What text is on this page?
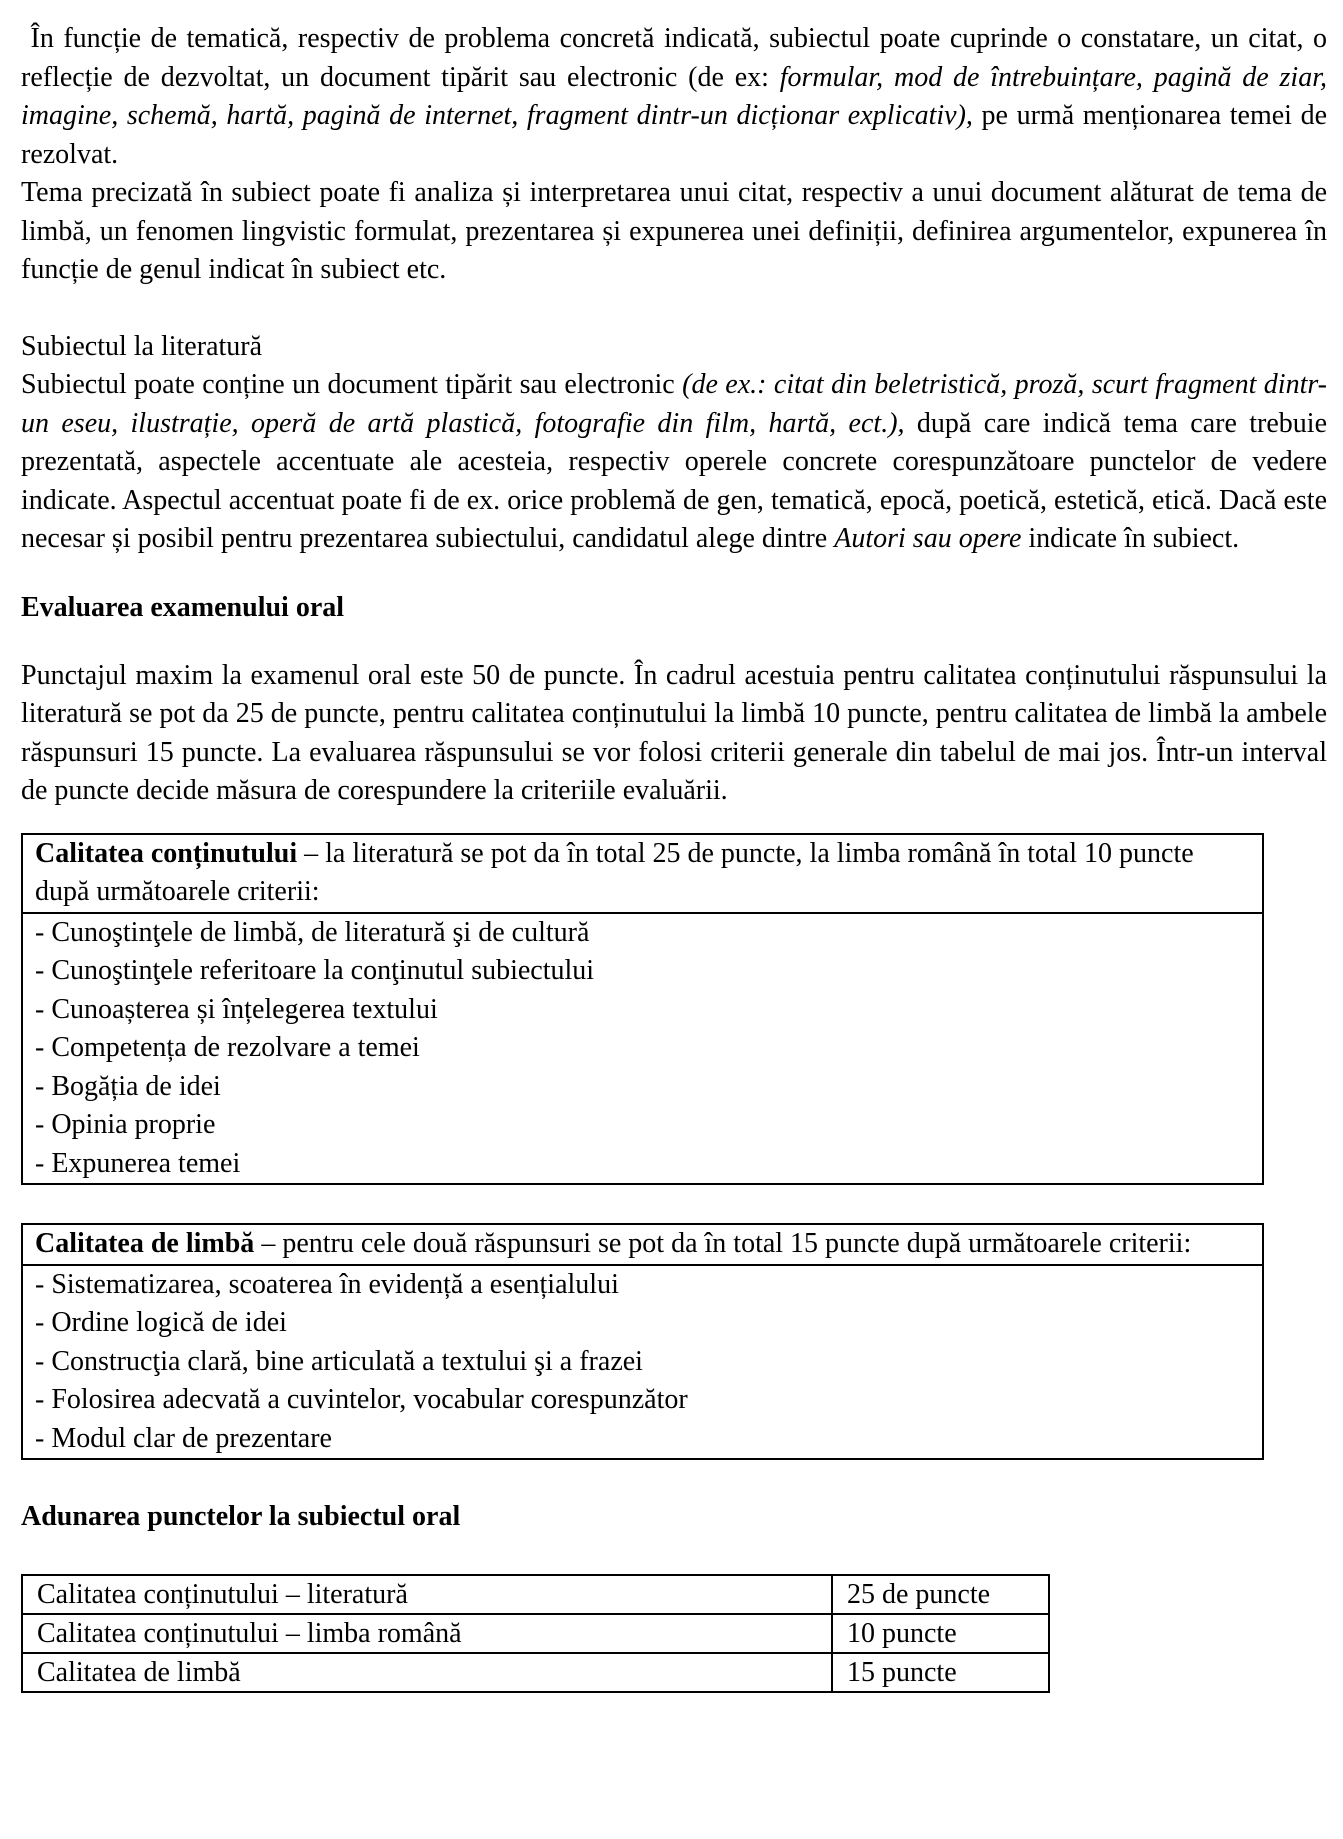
În funcție de tematică, respectiv de problema concretă indicată, subiectul poate cuprinde o constatare, un citat, o reflecție de dezvoltat, un document tipărit sau electronic (de ex: formular, mod de întrebuințare, pagină de ziar, imagine, schemă, hartă, pagină de internet, fragment dintr-un dicționar explicativ), pe urmă menționarea temei de rezolvat.

Tema precizată în subiect poate fi analiza și interpretarea unui citat, respectiv a unui document alăturat de tema de limbă, un fenomen lingvistic formulat, prezentarea și expunerea unei definiții, definirea argumentelor, expunerea în funcție de genul indicat în subiect etc.

Subiectul la literatură

Subiectul poate conține un document tipărit sau electronic (de ex.: citat din beletristică, proză, scurt fragment dintr-un eseu, ilustrație, operă de artă plastică, fotografie din film, hartă, ect.), după care indică tema care trebuie prezentată, aspectele accentuate ale acesteia, respectiv operele concrete corespunzătoare punctelor de vedere indicate. Aspectul accentuat poate fi de ex. orice problemă de gen, tematică, epocă, poetică, estetică, etică. Dacă este necesar și posibil pentru prezentarea subiectului, candidatul alege dintre Autori sau opere indicate în subiect.

Evaluarea examenului oral

Punctajul maxim la examenul oral este 50 de puncte. În cadrul acestuia pentru calitatea conținutului răspunsului la literatură se pot da 25 de puncte, pentru calitatea conținutului la limbă 10 puncte, pentru calitatea de limbă la ambele răspunsuri 15 puncte. La evaluarea răspunsului se vor folosi criterii generale din tabelul de mai jos. Într-un interval de puncte decide măsura de corespundere la criteriile evaluării.

Calitatea conținutului – la literatură se pot da în total 25 de puncte, la limba română în total 10 puncte după următoarele criterii:
- Cunoştinţele de limbă, de literatură şi de cultură
- Cunoştinţele referitoare la conţinutul subiectului
- Cunoașterea și înțelegerea textului
- Competența de rezolvare a temei
- Bogăția de idei
- Opinia proprie
- Expunerea temei
Calitatea de limbă – pentru cele două răspunsuri se pot da în total 15 puncte după următoarele criterii:
- Sistematizarea, scoaterea în evidență a esențialului
- Ordine logică de idei
- Construcţia clară, bine articulată a textului şi a frazei
- Folosirea adecvată a cuvintelor, vocabular corespunzător
- Modul clar de prezentare
Adunarea punctelor la subiectul oral
Calitatea conținutului – literatură	25 de puncte
Calitatea conținutului – limba română	10 puncte
Calitatea de limbă	15 puncte
